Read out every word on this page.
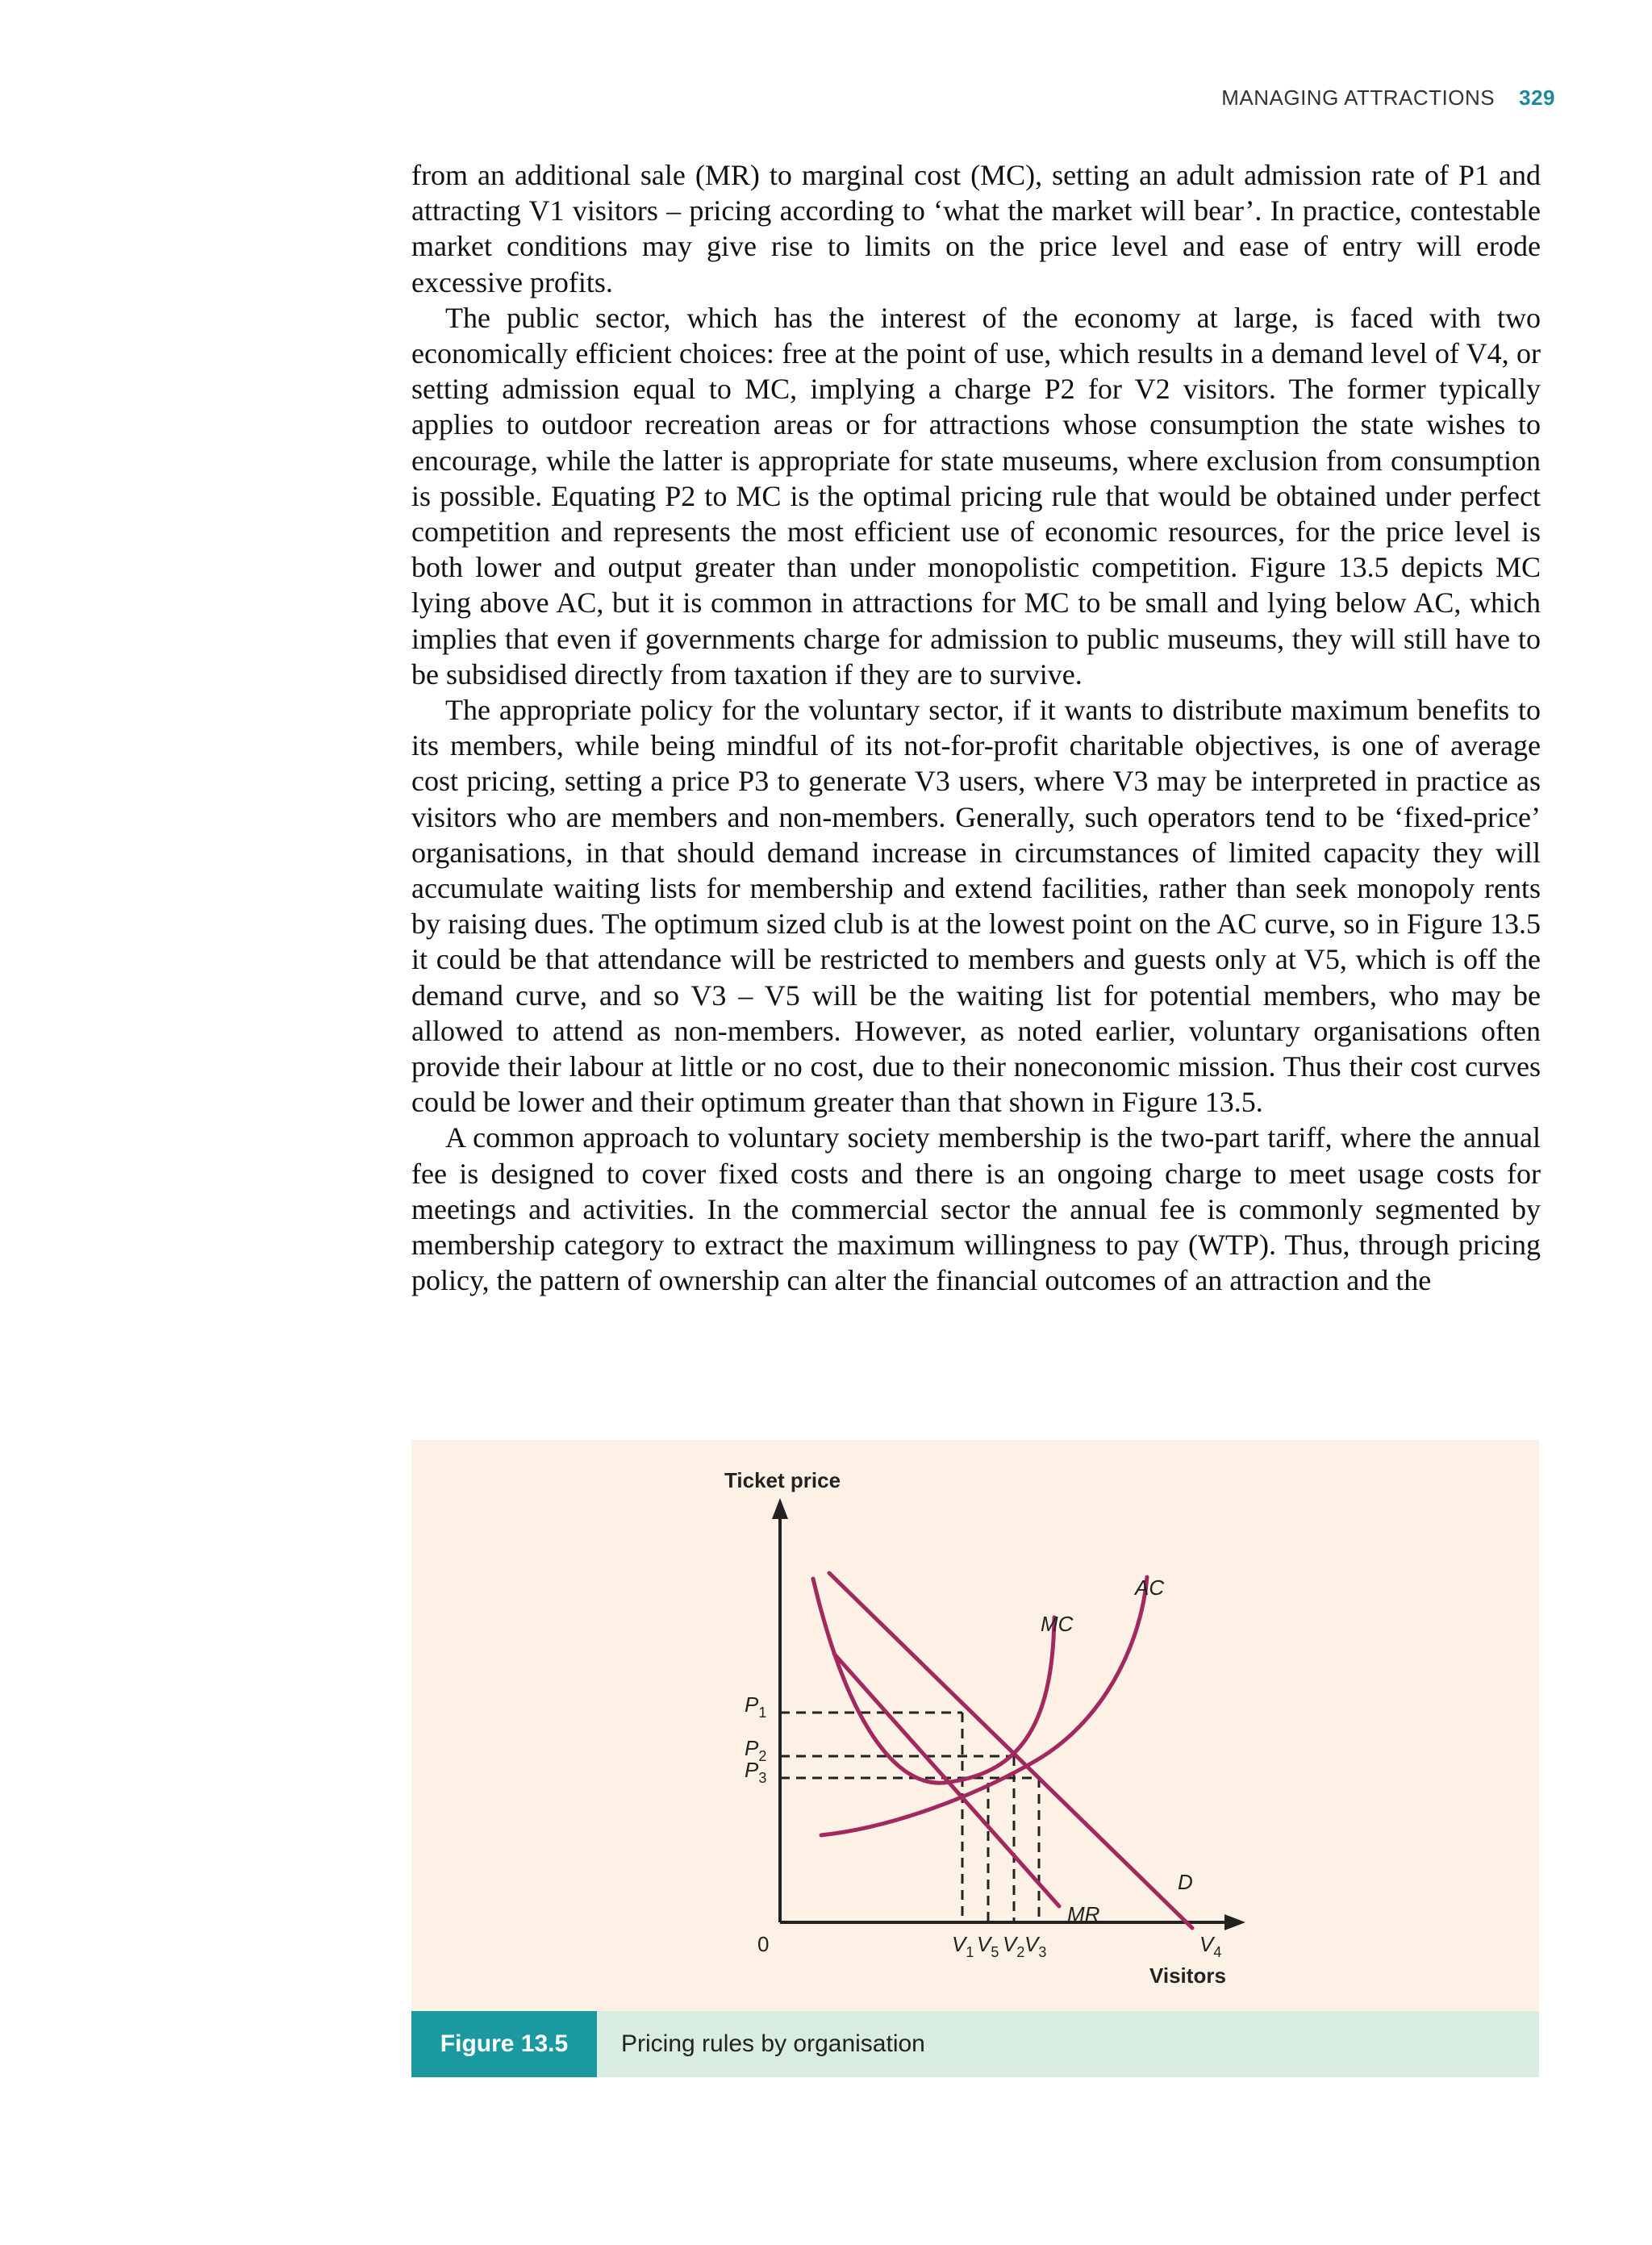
MANAGING ATTRACTIONS 329

from an additional sale (MR) to marginal cost (MC), setting an adult admission rate of P1 and attracting V1 visitors – pricing according to ‘what the market will bear’. In practice, contestable market conditions may give rise to limits on the price level and ease of entry will erode excessive profits.

The public sector, which has the interest of the economy at large, is faced with two economically efficient choices: free at the point of use, which results in a demand level of V4, or setting admission equal to MC, implying a charge P2 for V2 visitors. The former typically applies to outdoor recreation areas or for attractions whose consumption the state wishes to encourage, while the latter is appropriate for state museums, where exclusion from consumption is possible. Equating P2 to MC is the optimal pricing rule that would be obtained under perfect competition and represents the most efficient use of economic resources, for the price level is both lower and output greater than under monopolistic competition. Figure 13.5 depicts MC lying above AC, but it is common in attractions for MC to be small and lying below AC, which implies that even if governments charge for admission to public museums, they will still have to be subsidised directly from taxation if they are to survive.

The appropriate policy for the voluntary sector, if it wants to distribute maximum benefits to its members, while being mindful of its not-for-profit charitable objectives, is one of average cost pricing, setting a price P3 to generate V3 users, where V3 may be interpreted in practice as visitors who are members and non-members. Generally, such operators tend to be ‘fixed-price’ organisations, in that should demand increase in circumstances of limited capacity they will accumulate waiting lists for membership and extend facilities, rather than seek monopoly rents by raising dues. The optimum sized club is at the lowest point on the AC curve, so in Figure 13.5 it could be that attendance will be restricted to members and guests only at V5, which is off the demand curve, and so V3 – V5 will be the waiting list for potential members, who may be allowed to attend as non-members. However, as noted earlier, voluntary organisations often provide their labour at little or no cost, due to their noneconomic mission. Thus their cost curves could be lower and their optimum greater than that shown in Figure 13.5.

A common approach to voluntary society membership is the two-part tariff, where the annual fee is designed to cover fixed costs and there is an ongoing charge to meet usage costs for meetings and activities. In the commercial sector the annual fee is commonly segmented by membership category to extract the maximum willingness to pay (WTP). Thus, through pricing policy, the pattern of ownership can alter the financial outcomes of an attraction and the

Ticket price
Visitors
0
AC
MC
D
MR
$P_1$
$P_2$
$P_3$
$V_1$ $V_5$ $V_2$ $V_3$	$V_4$
Figure 13.5	Pricing rules by organisation
